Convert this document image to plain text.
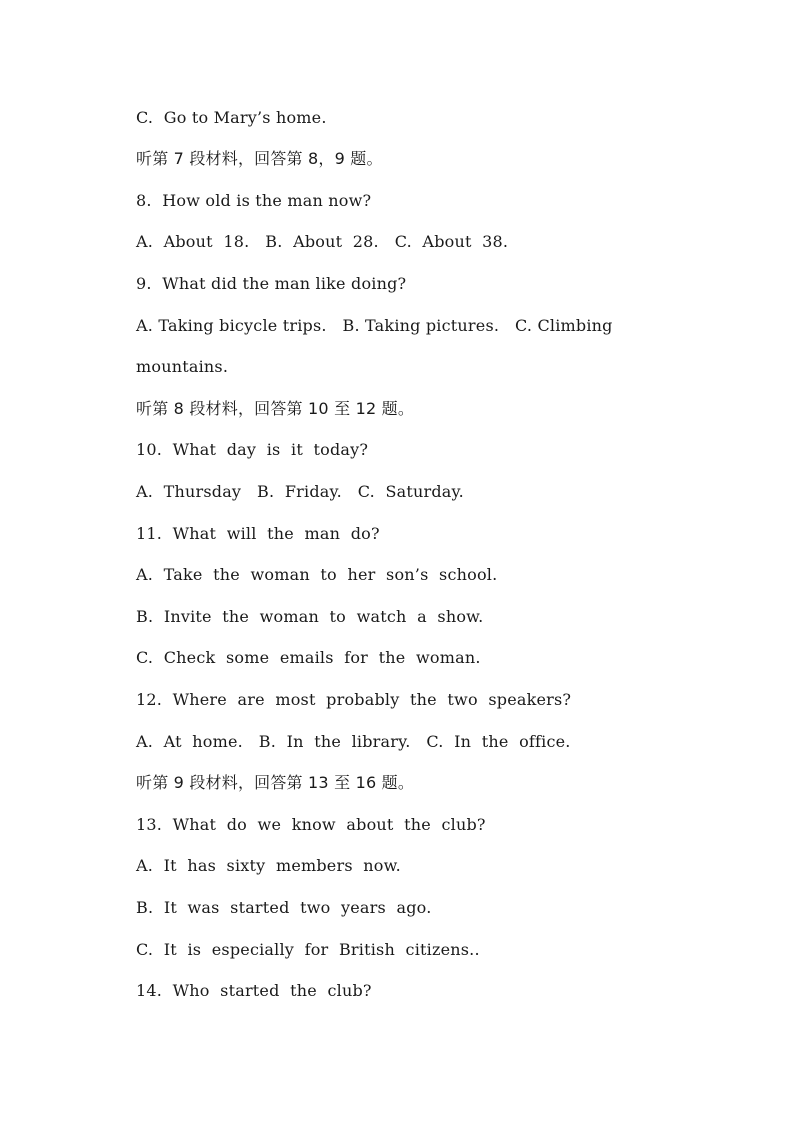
C.  Go to Mary’s home.
听第 7 段材料，回答第 8，9 题。
8.  How old is the man now?
A.  About  18.   B.  About  28.   C.  About  38.
9.  What did the man like doing?
A. Taking bicycle trips.   B. Taking pictures.   C. Climbing
mountains.
听第 8 段材料，回答第 10 至 12 题。
10.  What  day  is  it  today?
A.  Thursday   B.  Friday.   C.  Saturday.
11.  What  will  the  man  do?
A.  Take  the  woman  to  her  son’s  school.
B.  Invite  the  woman  to  watch  a  show.
C.  Check  some  emails  for  the  woman.
12.  Where  are  most  probably  the  two  speakers?
A.  At  home.   B.  In  the  library.   C.  In  the  office.
听第 9 段材料，回答第 13 至 16 题。
13.  What  do  we  know  about  the  club?
A.  It  has  sixty  members  now.
B.  It  was  started  two  years  ago.
C.  It  is  especially  for  British  citizens..
14.  Who  started  the  club?
